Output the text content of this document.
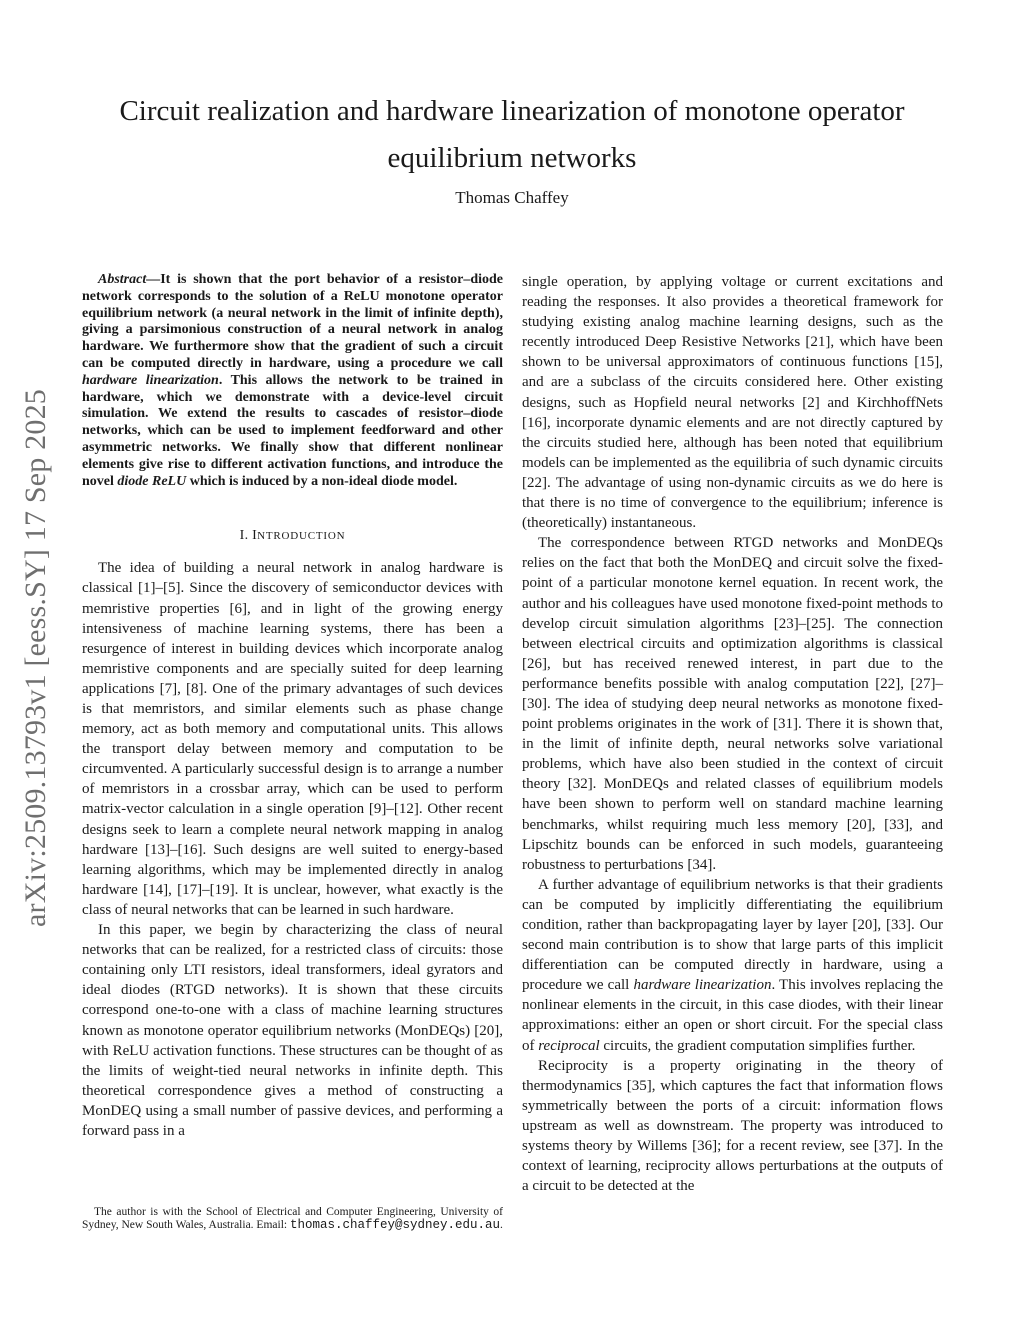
arXiv:2509.13793v1 [eess.SY] 17 Sep 2025
Circuit realization and hardware linearization of monotone operator equilibrium networks

Thomas Chaffey

Abstract—It is shown that the port behavior of a resistor–diode network corresponds to the solution of a ReLU monotone operator equilibrium network (a neural network in the limit of infinite depth), giving a parsimonious construction of a neural network in analog hardware. We furthermore show that the gradient of such a circuit can be computed directly in hardware, using a procedure we call hardware linearization. This allows the network to be trained in hardware, which we demonstrate with a device-level circuit simulation. We extend the results to cascades of resistor–diode networks, which can be used to implement feedforward and other asymmetric networks. We finally show that different nonlinear elements give rise to different activation functions, and introduce the novel diode ReLU which is induced by a non-ideal diode model.

I. INTRODUCTION

The idea of building a neural network in analog hardware is classical [1]–[5]. Since the discovery of semiconductor devices with memristive properties [6], and in light of the growing energy intensiveness of machine learning systems, there has been a resurgence of interest in building devices which incorporate analog memristive components and are specially suited for deep learning applications [7], [8]. One of the primary advantages of such devices is that memristors, and similar elements such as phase change memory, act as both memory and computational units. This allows the transport delay between memory and computation to be circumvented. A particularly successful design is to arrange a number of memristors in a crossbar array, which can be used to perform matrix-vector calculation in a single operation [9]–[12]. Other recent designs seek to learn a complete neural network mapping in analog hardware [13]–[16]. Such designs are well suited to energy-based learning algorithms, which may be implemented directly in analog hardware [14], [17]–[19]. It is unclear, however, what exactly is the class of neural networks that can be learned in such hardware.

In this paper, we begin by characterizing the class of neural networks that can be realized, for a restricted class of circuits: those containing only LTI resistors, ideal transformers, ideal gyrators and ideal diodes (RTGD networks). It is shown that these circuits correspond one-to-one with a class of machine learning structures known as monotone operator equilibrium networks (MonDEQs) [20], with ReLU activation functions. These structures can be thought of as the limits of weight-tied neural networks in infinite depth. This theoretical correspondence gives a method of constructing a MonDEQ using a small number of passive devices, and performing a forward pass in a

The author is with the School of Electrical and Computer Engineering, University of Sydney, New South Wales, Australia. Email: thomas.chaffey@sydney.edu.au.

single operation, by applying voltage or current excitations and reading the responses. It also provides a theoretical framework for studying existing analog machine learning designs, such as the recently introduced Deep Resistive Networks [21], which have been shown to be universal approximators of continuous functions [15], and are a subclass of the circuits considered here. Other existing designs, such as Hopfield neural networks [2] and KirchhoffNets [16], incorporate dynamic elements and are not directly captured by the circuits studied here, although has been noted that equilibrium models can be implemented as the equilibria of such dynamic circuits [22]. The advantage of using non-dynamic circuits as we do here is that there is no time of convergence to the equilibrium; inference is (theoretically) instantaneous.

The correspondence between RTGD networks and MonDEQs relies on the fact that both the MonDEQ and circuit solve the fixed-point of a particular monotone kernel equation. In recent work, the author and his colleagues have used monotone fixed-point methods to develop circuit simulation algorithms [23]–[25]. The connection between electrical circuits and optimization algorithms is classical [26], but has received renewed interest, in part due to the performance benefits possible with analog computation [22], [27]–[30]. The idea of studying deep neural networks as monotone fixed-point problems originates in the work of [31]. There it is shown that, in the limit of infinite depth, neural networks solve variational problems, which have also been studied in the context of circuit theory [32]. MonDEQs and related classes of equilibrium models have been shown to perform well on standard machine learning benchmarks, whilst requiring much less memory [20], [33], and Lipschitz bounds can be enforced in such models, guaranteeing robustness to perturbations [34].

A further advantage of equilibrium networks is that their gradients can be computed by implicitly differentiating the equilibrium condition, rather than backpropagating layer by layer [20], [33]. Our second main contribution is to show that large parts of this implicit differentiation can be computed directly in hardware, using a procedure we call hardware linearization. This involves replacing the nonlinear elements in the circuit, in this case diodes, with their linear approximations: either an open or short circuit. For the special class of reciprocal circuits, the gradient computation simplifies further.

Reciprocity is a property originating in the theory of thermodynamics [35], which captures the fact that information flows symmetrically between the ports of a circuit: information flows upstream as well as downstream. The property was introduced to systems theory by Willems [36]; for a recent review, see [37]. In the context of learning, reciprocity allows perturbations at the outputs of a circuit to be detected at the
